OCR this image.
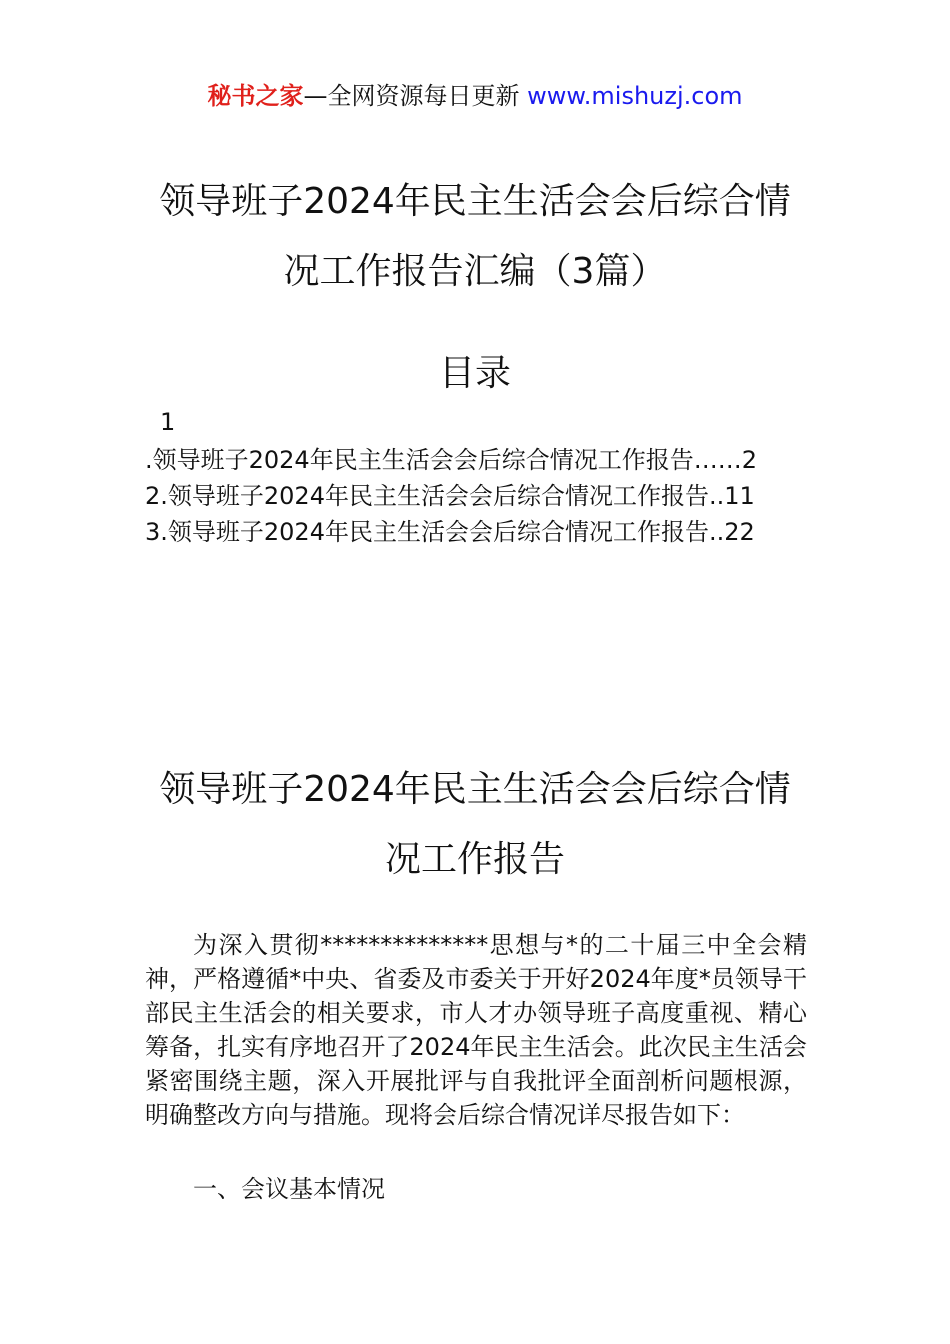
秘书之家—全网资源每日更新 www.mishuzj.com
领导班子2024年民主生活会会后综合情
况工作报告汇编（3篇）
目录
1
.领导班子2024年民主生活会会后综合情况工作报告……2
2.领导班子2024年民主生活会会后综合情况工作报告..11
3.领导班子2024年民主生活会会后综合情况工作报告..22
领导班子2024年民主生活会会后综合情
况工作报告
为深入贯彻**************思想与*的二十届三中全会精神，严格遵循*中央、省委及市委关于开好2024年度*员领导干部民主生活会的相关要求，市人才办领导班子高度重视、精心筹备，扎实有序地召开了2024年民主生活会。此次民主生活会紧密围绕主题，深入开展批评与自我批评全面剖析问题根源，明确整改方向与措施。现将会后综合情况详尽报告如下：
一、会议基本情况
